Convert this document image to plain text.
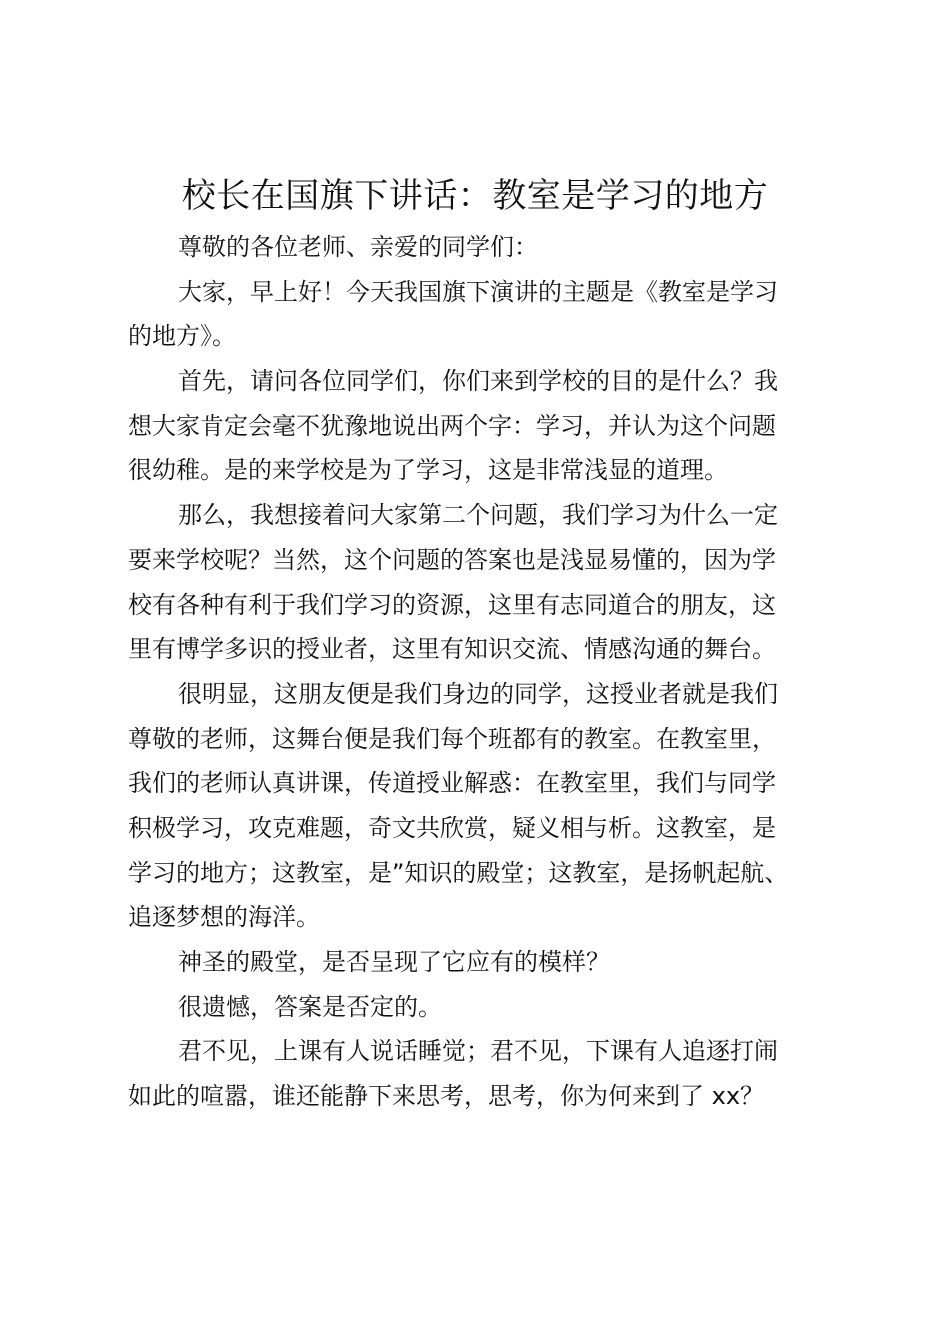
校长在国旗下讲话：教室是学习的地方
尊敬的各位老师、亲爱的同学们：
大家，早上好！今天我国旗下演讲的主题是《教室是学习
的地方》。
首先，请问各位同学们，你们来到学校的目的是什么？我
想大家肯定会毫不犹豫地说出两个字：学习，并认为这个问题
很幼稚。是的来学校是为了学习，这是非常浅显的道理。
那么，我想接着问大家第二个问题，我们学习为什么一定
要来学校呢？当然，这个问题的答案也是浅显易懂的，因为学
校有各种有利于我们学习的资源，这里有志同道合的朋友，这
里有博学多识的授业者，这里有知识交流、情感沟通的舞台。
很明显，这朋友便是我们身边的同学，这授业者就是我们
尊敬的老师，这舞台便是我们每个班都有的教室。在教室里，
我们的老师认真讲课，传道授业解惑：在教室里，我们与同学
积极学习，攻克难题，奇文共欣赏，疑义相与析。这教室，是
学习的地方；这教室，是”知识的殿堂；这教室，是扬帆起航、
追逐梦想的海洋。
神圣的殿堂，是否呈现了它应有的模样？
很遗憾，答案是否定的。
君不见，上课有人说话睡觉；君不见，下课有人追逐打闹
如此的喧嚣，谁还能静下来思考，思考，你为何来到了 xx？
